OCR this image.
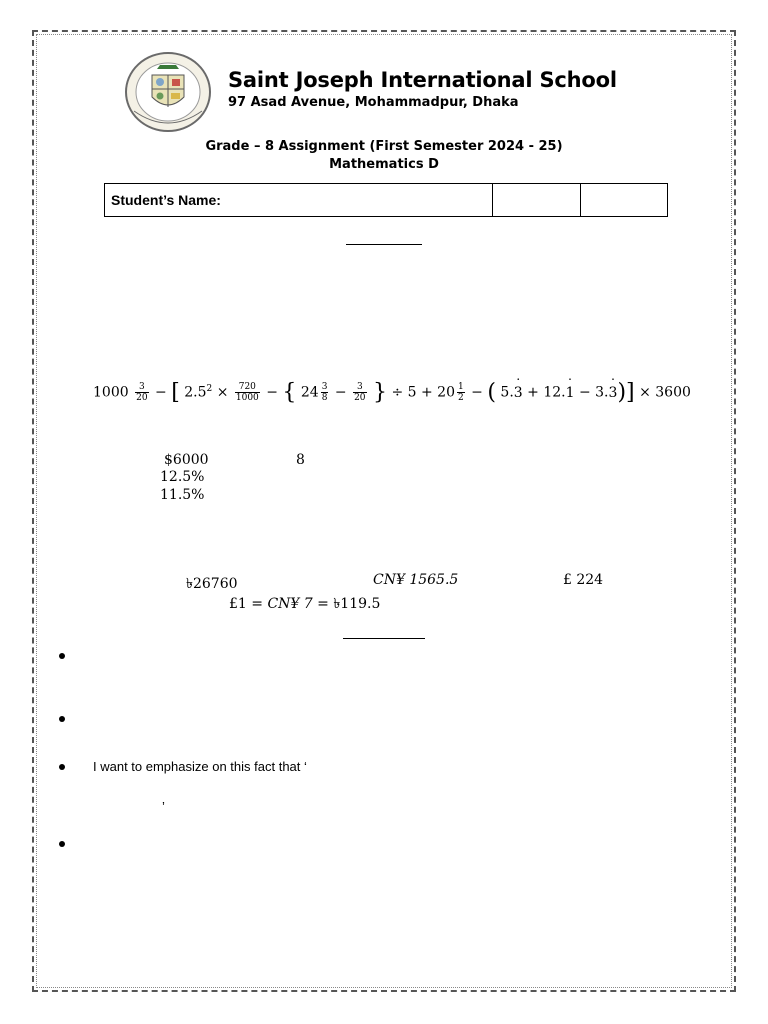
Saint Joseph International School
97 Asad Avenue, Mohammadpur, Dhaka
Grade – 8 Assignment (First Semester 2024 - 25)
Mathematics D
Student’s Name:		
$1000 \frac{3}{20}$ − [ $2.5^2 \times \frac{720}{1000}$ − { $24 \frac{3}{8} - \frac{3}{20}$ } ÷ $5 + 20 \frac{1}{2}$ − ( 5.˙ 3 + 12.˙ 1 − 3.˙ 3)] × 3600
$6000	8
12.5%
11.5%
৳26760	CN¥ 1565.5	£ 224
£1 = CN¥ 7 = ৳119.5
I want to emphasize on this fact that ‘
’
